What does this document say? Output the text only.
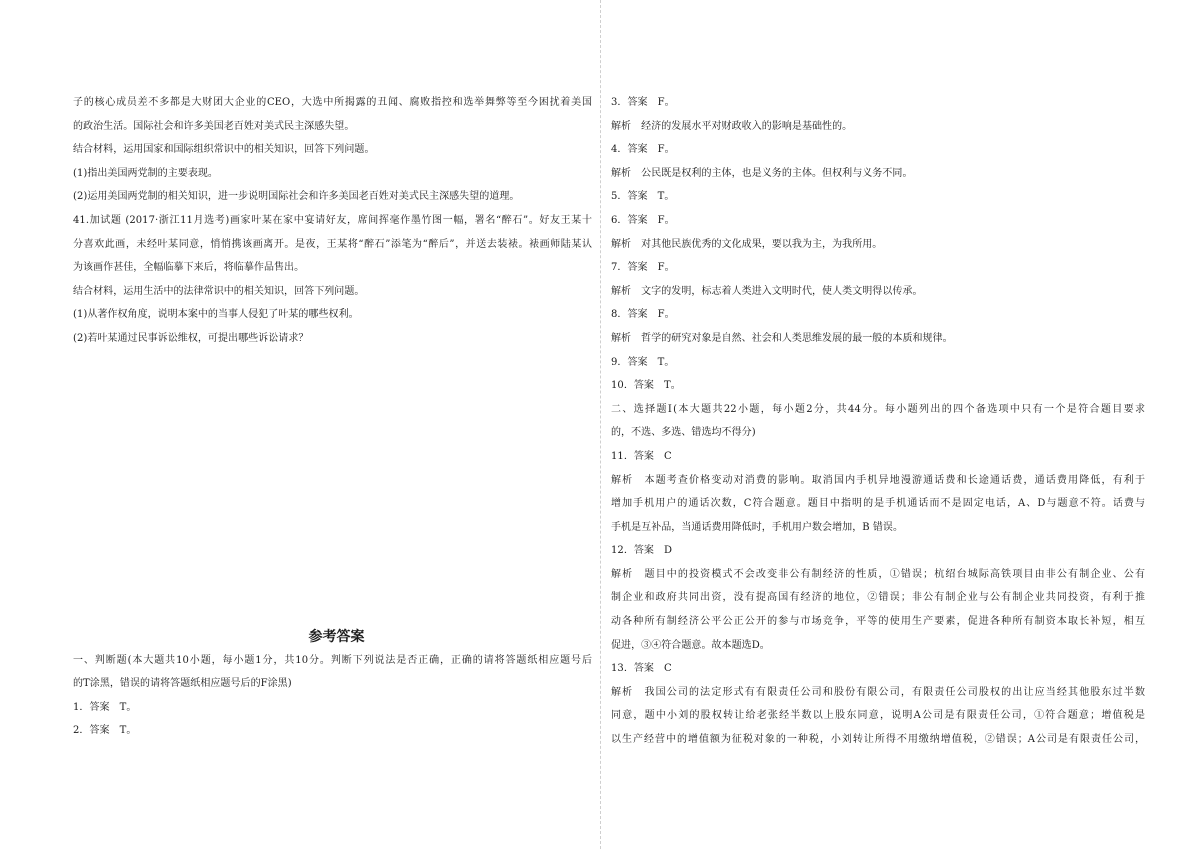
子的核心成员差不多都是大财团大企业的CEO，大选中所揭露的丑闻、腐败指控和选举舞弊等至今困扰着美国
的政治生活。国际社会和许多美国老百姓对美式民主深感失望。
结合材料，运用国家和国际组织常识中的相关知识，回答下列问题。
(1)指出美国两党制的主要表现。
(2)运用美国两党制的相关知识，进一步说明国际社会和许多美国老百姓对美式民主深感失望的道理。
41.加试题 (2017·浙江11月选考)画家叶某在家中宴请好友，席间挥毫作墨竹图一幅，署名“醉石”。好友王某十
分喜欢此画，未经叶某同意，悄悄携该画离开。是夜，王某将“醉石”添笔为“醉后”，并送去装裱。裱画师陆某认
为该画作甚佳，全幅临摹下来后，将临摹作品售出。
结合材料，运用生活中的法律常识中的相关知识，回答下列问题。
(1)从著作权角度，说明本案中的当事人侵犯了叶某的哪些权利。
(2)若叶某通过民事诉讼维权，可提出哪些诉讼请求？
参考答案
一、判断题(本大题共10小题，每小题1分，共10分。判断下列说法是否正确，正确的请将答题纸相应题号后
的T涂黑，错误的请将答题纸相应题号后的F涂黑)
1．答案　T。
2．答案　T。
3．答案　F。
解析　经济的发展水平对财政收入的影响是基础性的。
4．答案　F。
解析　公民既是权利的主体，也是义务的主体。但权利与义务不同。
5．答案　T。
6．答案　F。
解析　对其他民族优秀的文化成果，要以我为主，为我所用。
7．答案　F。
解析　文字的发明，标志着人类进入文明时代，使人类文明得以传承。
8．答案　F。
解析　哲学的研究对象是自然、社会和人类思维发展的最一般的本质和规律。
9．答案　T。
10．答案　T。
二、选择题Ⅰ(本大题共22小题，每小题2分，共44分。每小题列出的四个备选项中只有一个是符合题目要求
的，不选、多选、错选均不得分)
11．答案　C
解析　本题考查价格变动对消费的影响。取消国内手机异地漫游通话费和长途通话费，通话费用降低，有利于
增加手机用户的通话次数，C符合题意。题目中指明的是手机通话而不是固定电话，A、D与题意不符。话费与
手机是互补品，当通话费用降低时，手机用户数会增加，B 错误。
12．答案　D
解析　题目中的投资模式不会改变非公有制经济的性质，①错误；杭绍台城际高铁项目由非公有制企业、公有
制企业和政府共同出资，没有提高国有经济的地位，②错误；非公有制企业与公有制企业共同投资，有利于推
动各种所有制经济公平公正公开的参与市场竞争，平等的使用生产要素，促进各种所有制资本取长补短，相互
促进，③④符合题意。故本题选D。
13．答案　C
解析　我国公司的法定形式有有限责任公司和股份有限公司，有限责任公司股权的出让应当经其他股东过半数
同意，题中小刘的股权转让给老张经半数以上股东同意，说明A公司是有限责任公司，①符合题意；增值税是
以生产经营中的增值额为征税对象的一种税，小刘转让所得不用缴纳增值税，②错误；A公司是有限责任公司，
